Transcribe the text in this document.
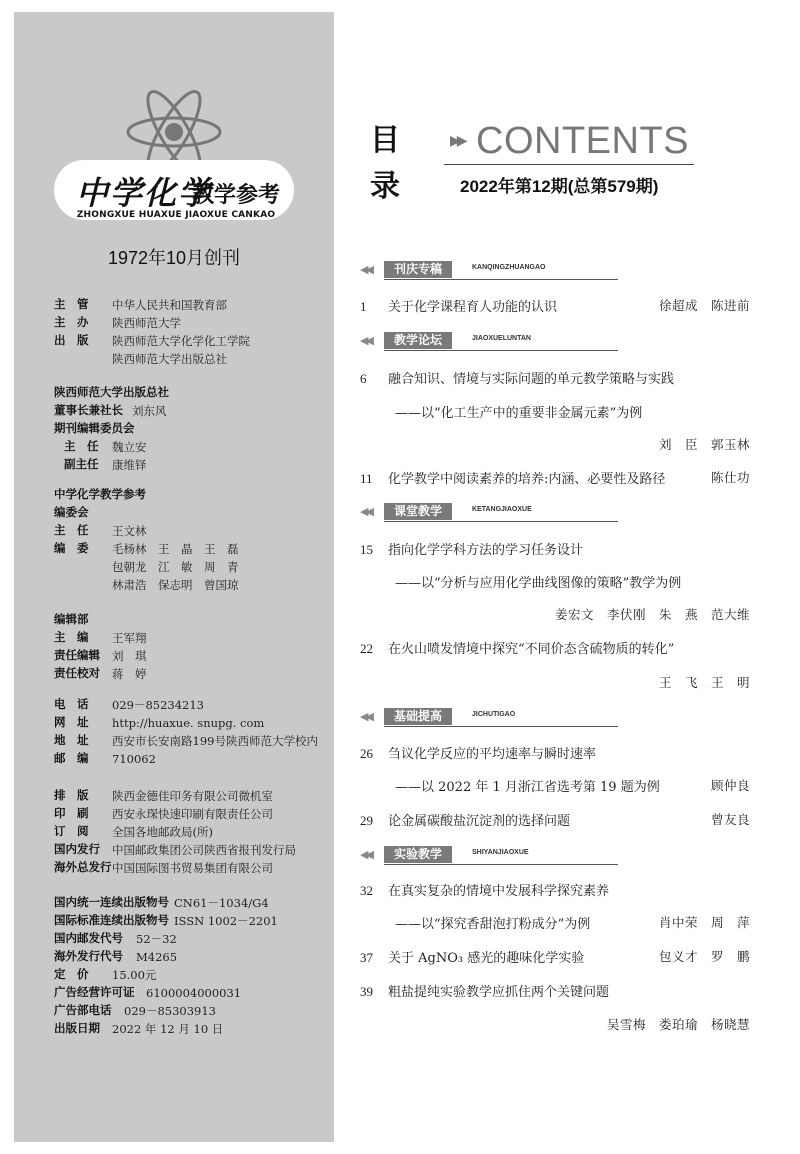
中学化学
教学参考
ZHONGXUE HUAXUE JIAOXUE CANKAO
1972年10月创刊
主　管	中华人民共和国教育部
主　办	陕西师范大学
出　版	陕西师范大学化学化工学院
陕西师范大学出版总社
陕西师范大学出版总社
董事长兼社长 刘东风
期刊编辑委员会
主　任	魏立安
副主任	康维铎
中学化学教学参考
编委会
主　任	王文林
编　委	毛杨林　王　晶　王　磊
包朝龙　江　敏　周　青
林肃浩　保志明　曾国琼
编辑部
主　编	王军翔
责任编辑	刘　琪
责任校对	蒋　婷
电　话	029－85234213
网　址	http://huaxue. snupg. com
地　址	西安市长安南路199号陕西师范大学校内
邮　编	710062
排　版	陕西金德佳印务有限公司微机室
印　刷	西安永琛快速印刷有限责任公司
订　阅	全国各地邮政局(所)
国内发行	中国邮政集团公司陕西省报刊发行局
海外总发行 中国国际图书贸易集团有限公司
国内统一连续出版物号 CN61－1034/G4
国际标准连续出版物号 ISSN 1002－2201
国内邮发代号	52－32
海外发行代号	M4265
定　价	15.00元
广告经营许可证	6100004000031
广告部电话	029－85303913
出版日期	2022 年 12 月 10 日
目
录
▶▶ CONTENTS
2022年第12期(总第579期)
◀◀	刊庆专稿	KANQINGZHUANGAO
1 关于化学课程育人功能的认识	徐超成　陈进前
◀◀	教学论坛	JIAOXUELUNTAN
6 融合知识、情境与实际问题的单元教学策略与实践
——以“化工生产中的重要非金属元素”为例
刘　臣　郭玉林
11 化学教学中阅读素养的培养:内涵、必要性及路径	陈仕功
◀◀	课堂教学	KETANGJIAOXUE
15 指向化学学科方法的学习任务设计
——以“分析与应用化学曲线图像的策略”教学为例
姜宏文　李伏刚　朱　燕　范大维
22 在火山喷发情境中探究“不同价态含硫物质的转化”
王　飞　王　明
◀◀	基础提高	JICHUTIGAO
26 刍议化学反应的平均速率与瞬时速率
——以 2022 年 1 月浙江省选考第 19 题为例	顾仲良
29 论金属碳酸盐沉淀剂的选择问题	曾友良
◀◀	实验教学	SHIYANJIAOXUE
32 在真实复杂的情境中发展科学探究素养
——以“探究香甜泡打粉成分”为例	肖中荣　周　萍
37 关于 AgNO₃ 感光的趣味化学实验	包义才　罗　鹏
39 粗盐提纯实验教学应抓住两个关键问题
吴雪梅　娄珀瑜　杨晓慧
